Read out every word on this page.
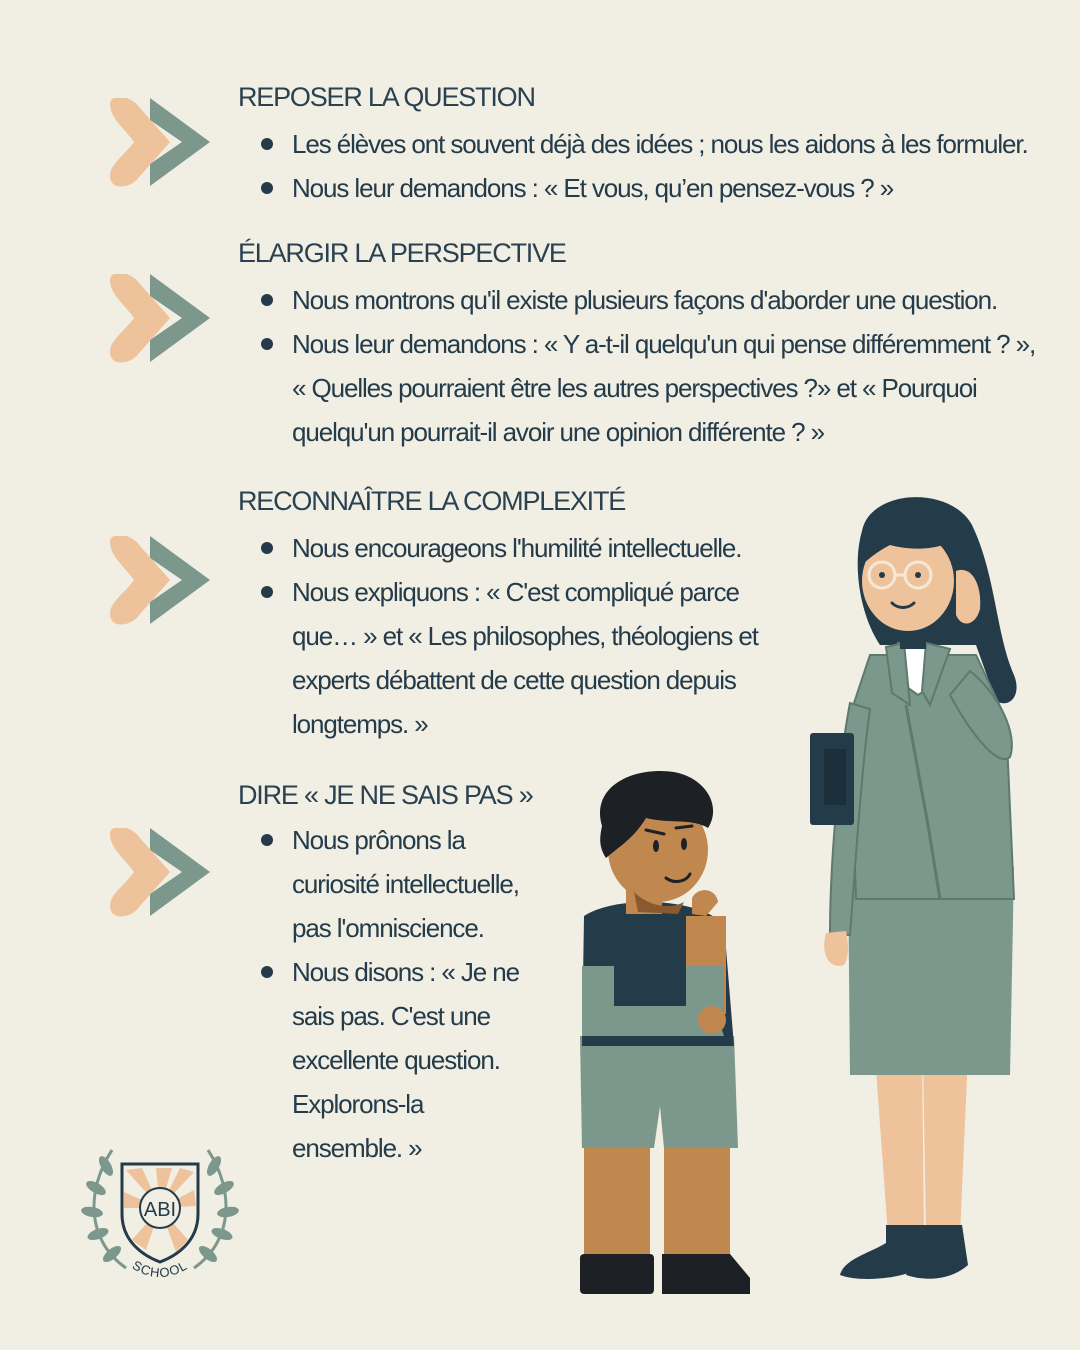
REPOSER LA QUESTION
Les élèves ont souvent déjà des idées ; nous les aidons à les formuler.
Nous leur demandons : « Et vous, qu’en pensez-vous ? »
ÉLARGIR LA PERSPECTIVE
Nous montrons qu'il existe plusieurs façons d'aborder une question.
Nous leur demandons : « Y a-t-il quelqu'un qui pense différemment ? », « Quelles pourraient être les autres perspectives ?» et « Pourquoi quelqu'un pourrait-il avoir une opinion différente ? »
RECONNAÎTRE LA COMPLEXITÉ
Nous encourageons l'humilité intellectuelle.
Nous expliquons : « C'est compliqué parce que… » et « Les philosophes, théologiens et experts débattent de cette question depuis longtemps. »
DIRE « JE NE SAIS PAS »
Nous prônons la curiosité intellectuelle, pas l'omniscience.
Nous disons : « Je ne sais pas. C'est une excellente question. Explorons-la ensemble. »
ABI
SCHOOL
